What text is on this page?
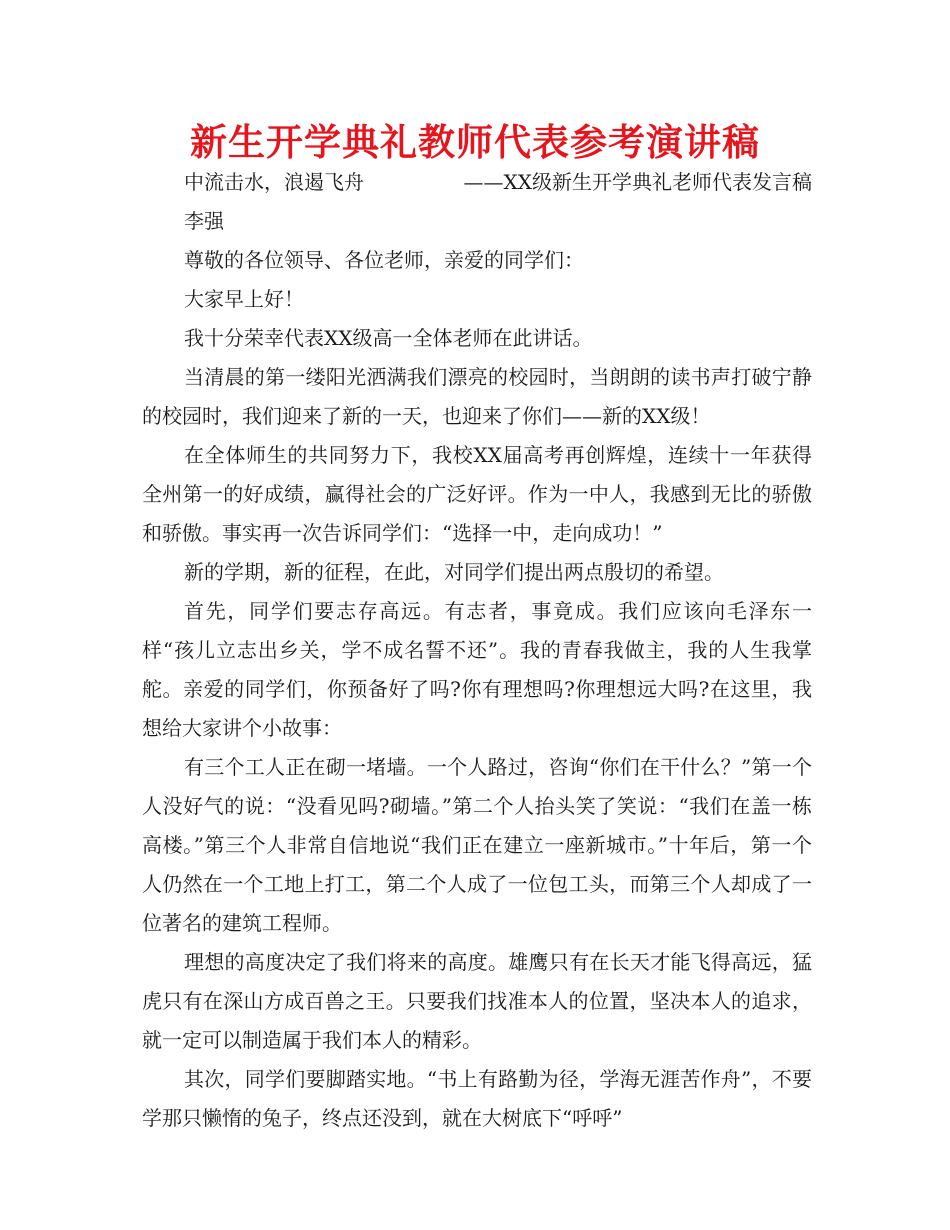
新生开学典礼教师代表参考演讲稿

中流击水，浪遏飞舟	——XX级新生开学典礼老师代表发言稿

李强

尊敬的各位领导、各位老师，亲爱的同学们：

大家早上好！

我十分荣幸代表XX级高一全体老师在此讲话。

当清晨的第一缕阳光洒满我们漂亮的校园时，当朗朗的读书声打破宁静的校园时，我们迎来了新的一天，也迎来了你们——新的XX级！

在全体师生的共同努力下，我校XX届高考再创辉煌，连续十一年获得全州第一的好成绩，赢得社会的广泛好评。作为一中人，我感到无比的骄傲和骄傲。事实再一次告诉同学们：“选择一中，走向成功！”

新的学期，新的征程，在此，对同学们提出两点殷切的希望。

首先，同学们要志存高远。有志者，事竟成。我们应该向毛泽东一样“孩儿立志出乡关，学不成名誓不还”。我的青春我做主，我的人生我掌舵。亲爱的同学们，你预备好了吗?你有理想吗?你理想远大吗?在这里，我想给大家讲个小故事：

有三个工人正在砌一堵墙。一个人路过，咨询“你们在干什么？”第一个人没好气的说：“没看见吗?砌墙。”第二个人抬头笑了笑说：“我们在盖一栋高楼。”第三个人非常自信地说“我们正在建立一座新城市。”十年后，第一个人仍然在一个工地上打工，第二个人成了一位包工头，而第三个人却成了一位著名的建筑工程师。

理想的高度决定了我们将来的高度。雄鹰只有在长天才能飞得高远，猛虎只有在深山方成百兽之王。只要我们找准本人的位置，坚决本人的追求，就一定可以制造属于我们本人的精彩。

其次，同学们要脚踏实地。“书上有路勤为径，学海无涯苦作舟”，不要学那只懒惰的兔子，终点还没到，就在大树底下“呼呼”
